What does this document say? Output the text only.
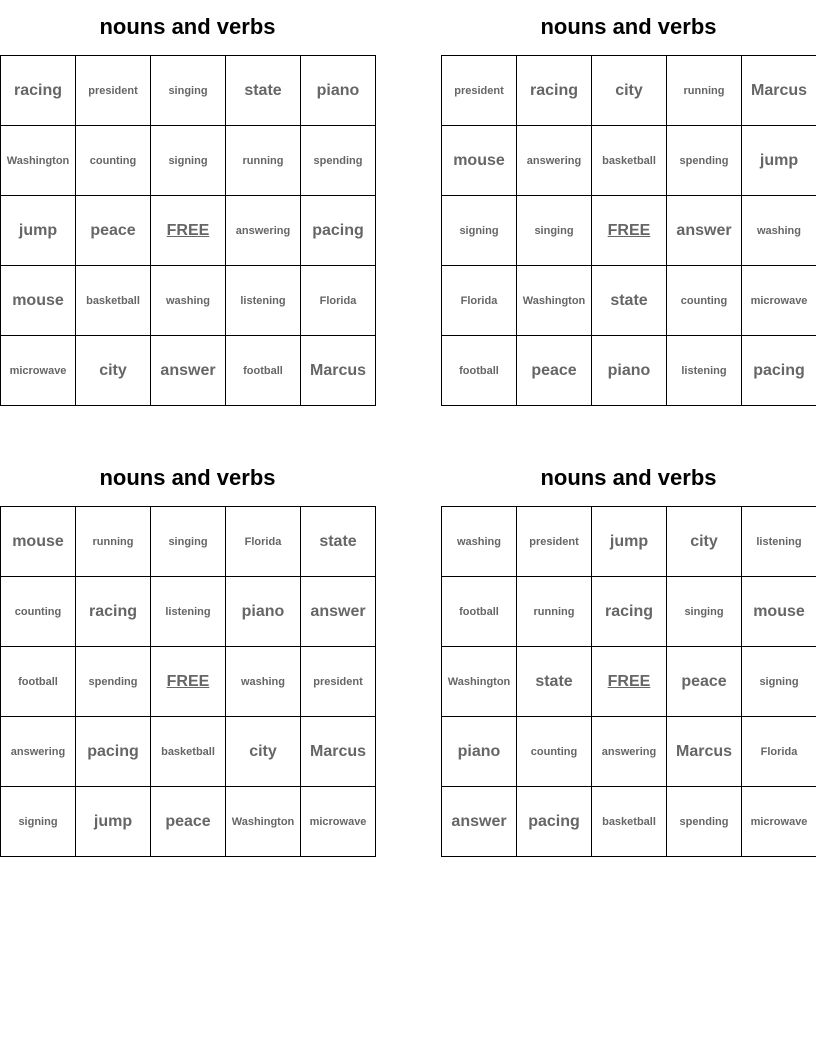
nouns and verbs
racing	president	singing	state	piano
Washington	counting	signing	running	spending
jump	peace	FREE	answering	pacing
mouse	basketball	washing	listening	Florida
microwave	city	answer	football	Marcus
nouns and verbs
president	racing	city	running	Marcus
mouse	answering	basketball	spending	jump
signing	singing	FREE	answer	washing
Florida	Washington	state	counting	microwave
football	peace	piano	listening	pacing
nouns and verbs
mouse	running	singing	Florida	state
counting	racing	listening	piano	answer
football	spending	FREE	washing	president
answering	pacing	basketball	city	Marcus
signing	jump	peace	Washington	microwave
nouns and verbs
washing	president	jump	city	listening
football	running	racing	singing	mouse
Washington	state	FREE	peace	signing
piano	counting	answering	Marcus	Florida
answer	pacing	basketball	spending	microwave
